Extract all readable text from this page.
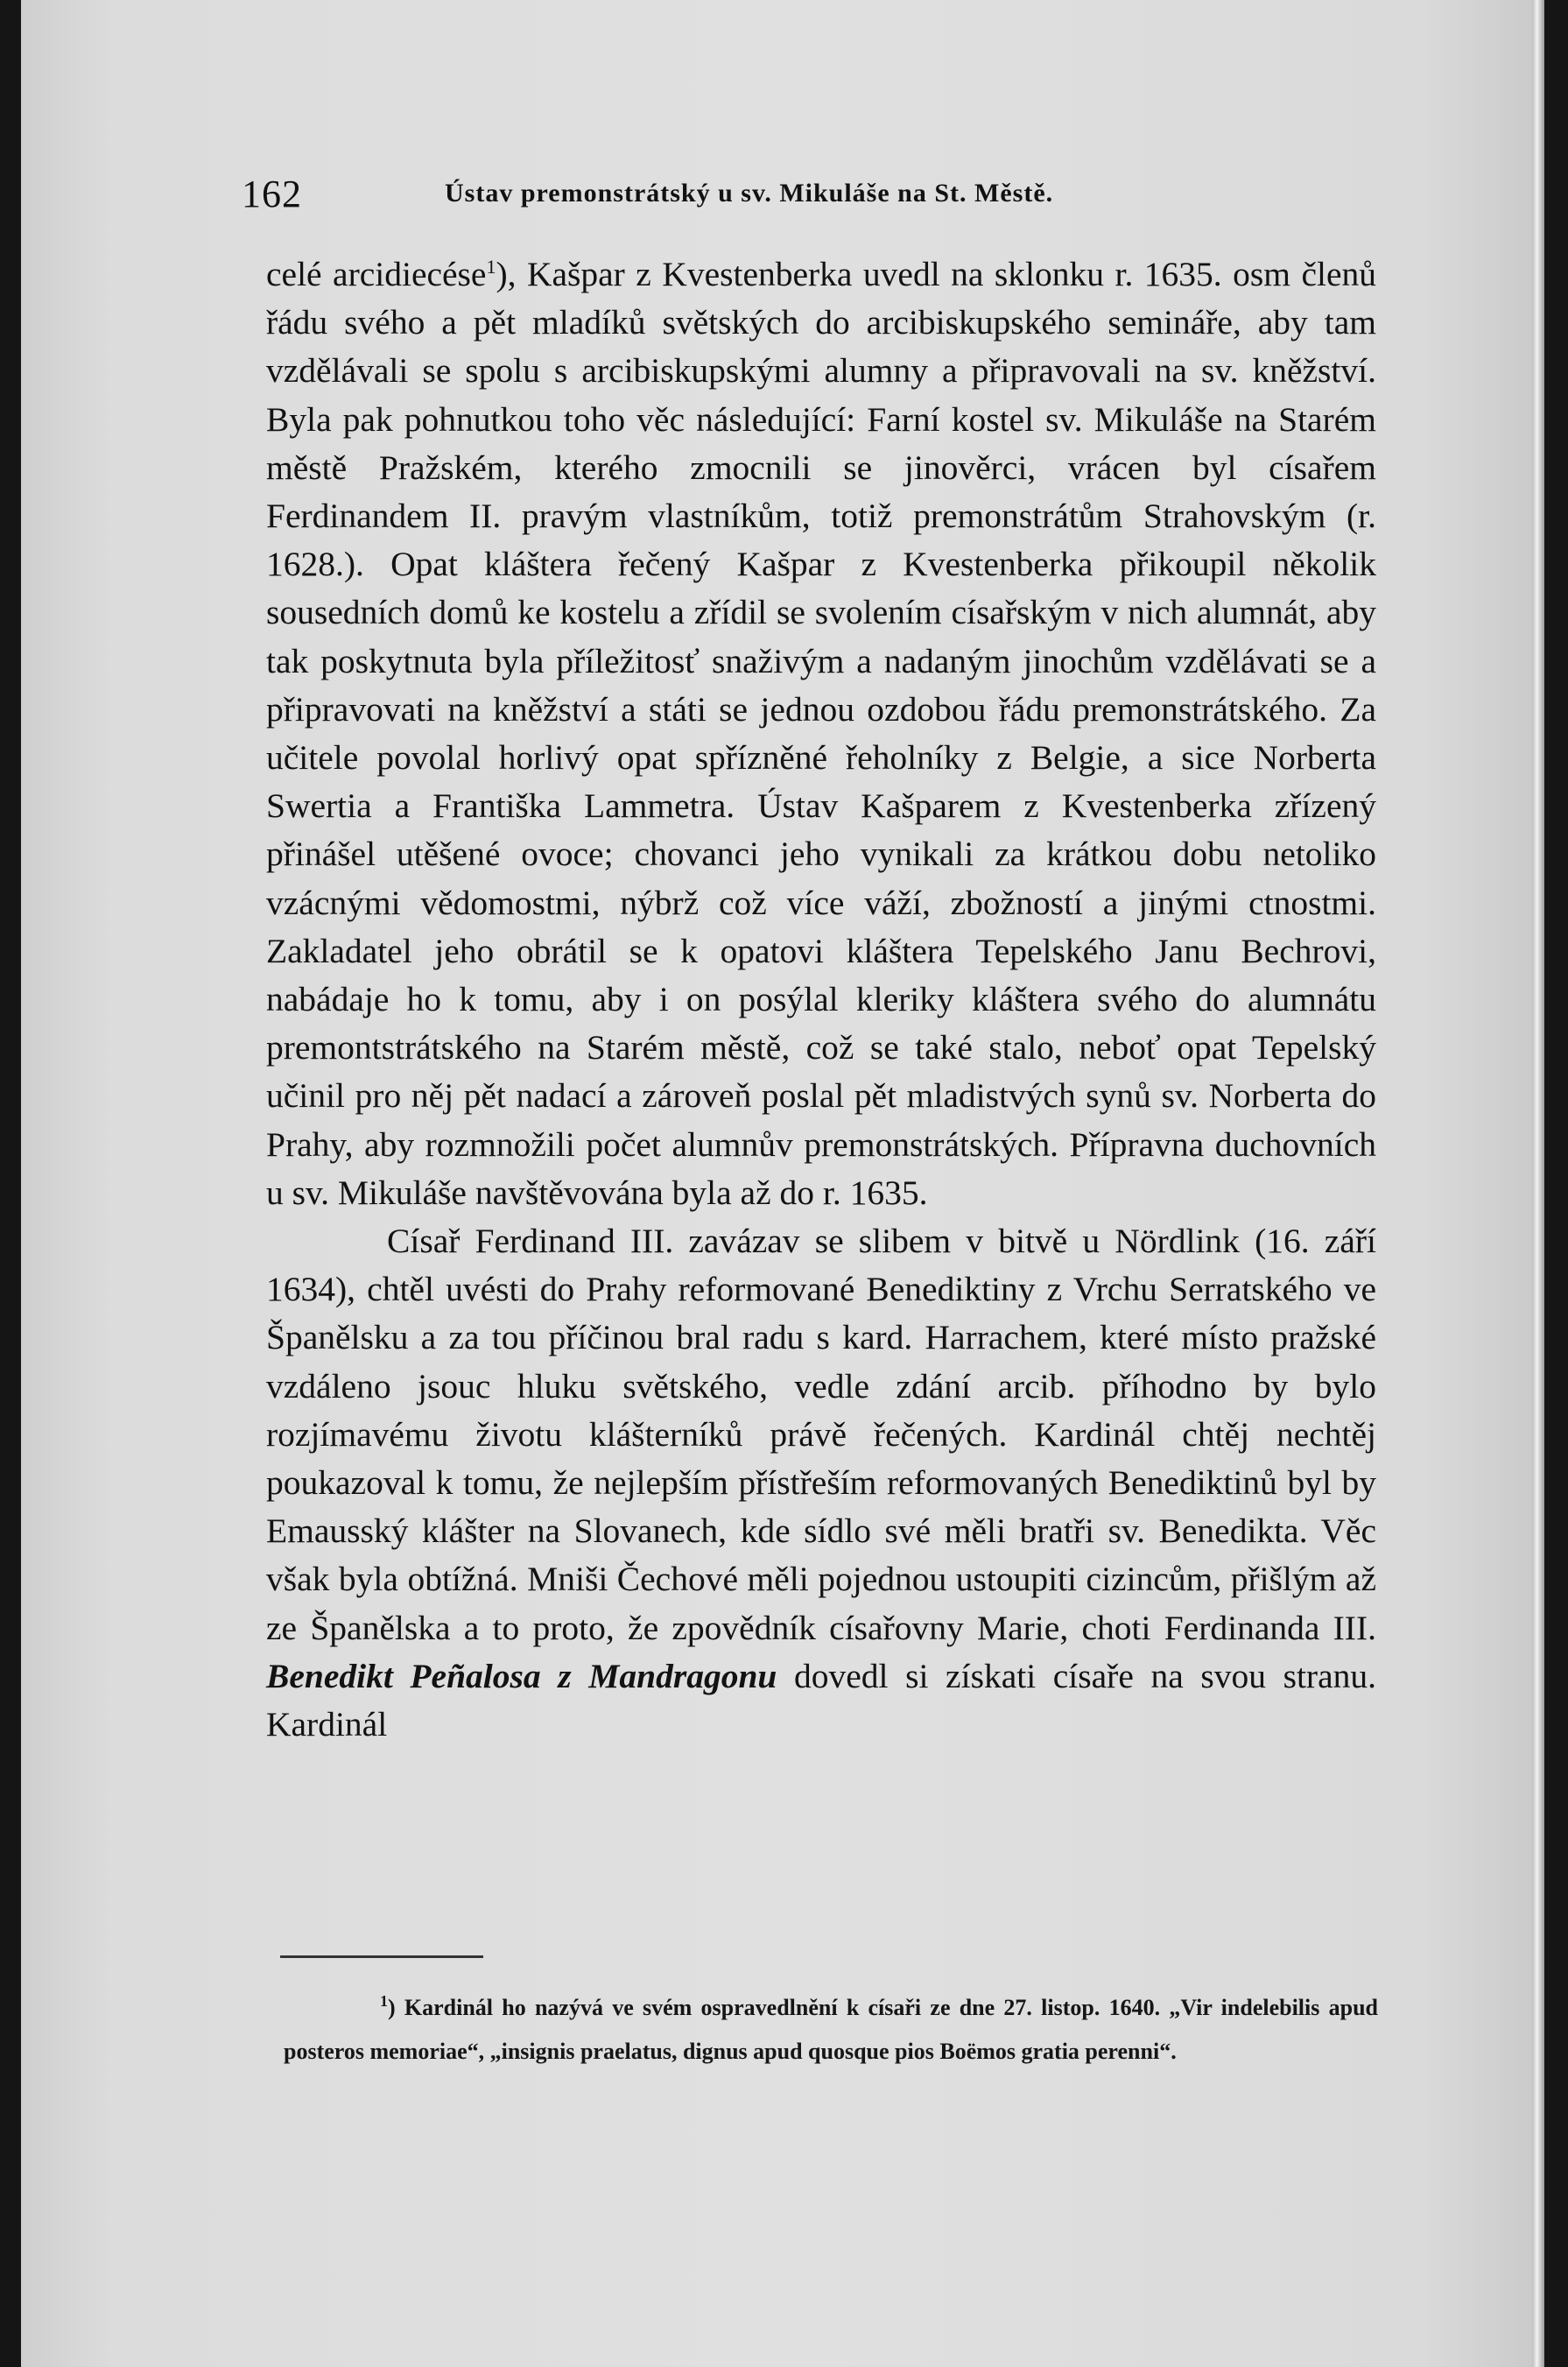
162	Ústav premonstrátský u sv. Mikuláše na St. Městě.

celé arcidiecése$^1$), Kašpar z Kvestenberka uvedl na sklonku r. 1635. osm členů řádu svého a pět mladíků světských do arcibiskupského semináře, aby tam vzdělávali se spolu s arcibiskupskými alumny a připravovali na sv. kněžství. Byla pak pohnutkou toho věc následující: Farní kostel sv. Mikuláše na Starém městě Pražském, kterého zmocnili se jinověrci, vrácen byl císařem Ferdinandem II. pravým vlastníkům, totiž premonstrátům Strahovským (r. 1628.). Opat kláštera řečený Kašpar z Kvestenberka přikoupil několik sousedních domů ke kostelu a zřídil se svolením císařským v nich alumnát, aby tak poskytnuta byla příležitosť snaživým a nadaným jinochům vzdělávati se a připravovati na kněžství a státi se jednou ozdobou řádu premonstrátského. Za učitele povolal horlivý opat spřízněné řeholníky z Belgie, a sice Norberta Swertia a Františka Lammetra. Ústav Kašparem z Kvestenberka zřízený přinášel utěšené ovoce; chovanci jeho vynikali za krátkou dobu netoliko vzácnými vědomostmi, nýbrž což více váží, zbožností a jinými ctnostmi. Zakladatel jeho obrátil se k opatovi kláštera Tepelského Janu Bechrovi, nabádaje ho k tomu, aby i on posýlal kleriky kláštera svého do alumnátu premontstrátského na Starém městě, což se také stalo, neboť opat Tepelský učinil pro něj pět nadací a zároveň poslal pět mladistvých synů sv. Norberta do Prahy, aby rozmnožili počet alumnův premonstrátských. Přípravna duchovních u sv. Mikuláše navštěvována byla až do r. 1635.

Císař Ferdinand III. zavázav se slibem v bitvě u Nördlink (16. září 1634), chtěl uvésti do Prahy reformované Benediktiny z Vrchu Serratského ve Španělsku a za tou příčinou bral radu s kard. Harrachem, které místo pražské vzdáleno jsouc hluku světského, vedle zdání arcib. příhodno by bylo rozjímavému životu klášterníků právě řečených. Kardinál chtěj nechtěj poukazoval k tomu, že nejlepším přístřeším reformovaných Benediktinů byl by Emausský klášter na Slovanech, kde sídlo své měli bratři sv. Benedikta. Věc však byla obtížná. Mniši Čechové měli pojednou ustoupiti cizincům, přišlým až ze Španělska a to proto, že zpovědník císařovny Marie, choti Ferdinanda III. Benedikt Peñalosa z Mandragonu dovedl si získati císaře na svou stranu. Kardinál

$^1$) Kardinál ho nazývá ve svém ospravedlnění k císaři ze dne 27. listop. 1640. „Vir indelebilis apud posteros memoriae“, „insignis praelatus, dignus apud quosque pios Boëmos gratia perenni“.
